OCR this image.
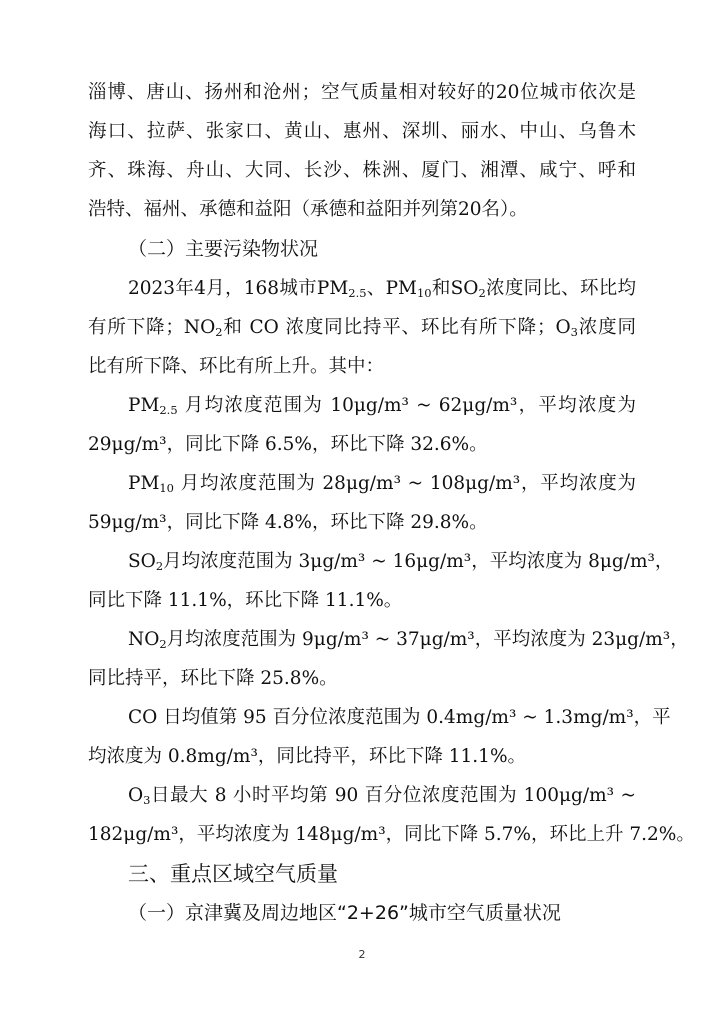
淄博、唐山、扬州和沧州；空气质量相对较好的20位城市依次是
海口、拉萨、张家口、黄山、惠州、深圳、丽水、中山、乌鲁木
齐、珠海、舟山、大同、长沙、株洲、厦门、湘潭、咸宁、呼和
浩特、福州、承德和益阳（承德和益阳并列第20名）。
（二）主要污染物状况
2023年4月，168城市$PM_{2.5}$、$PM_{10}$和$SO_2$浓度同比、环比均
有所下降；$NO_2$和 CO 浓度同比持平、环比有所下降；$O_3$浓度同
比有所下降、环比有所上升。其中：
$PM_{2.5}$ 月均浓度范围为 10μg/m³ ~ 62μg/m³，平均浓度为
29μg/m³，同比下降 6.5%，环比下降 32.6%。
$PM_{10}$ 月均浓度范围为 28μg/m³ ~ 108μg/m³，平均浓度为
59μg/m³，同比下降 4.8%，环比下降 29.8%。
$SO_2$月均浓度范围为 3μg/m³ ~ 16μg/m³，平均浓度为 8μg/m³，
同比下降 11.1%，环比下降 11.1%。
$NO_2$月均浓度范围为 9μg/m³ ~ 37μg/m³，平均浓度为 23μg/m³，
同比持平，环比下降 25.8%。
CO 日均值第 95 百分位浓度范围为 0.4mg/m³ ~ 1.3mg/m³，平
均浓度为 0.8mg/m³，同比持平，环比下降 11.1%。
$O_3$日最大 8 小时平均第 90 百分位浓度范围为 100μg/m³ ~
182μg/m³，平均浓度为 148μg/m³，同比下降 5.7%，环比上升 7.2%。
三、重点区域空气质量
（一）京津冀及周边地区“2+26”城市空气质量状况
2
